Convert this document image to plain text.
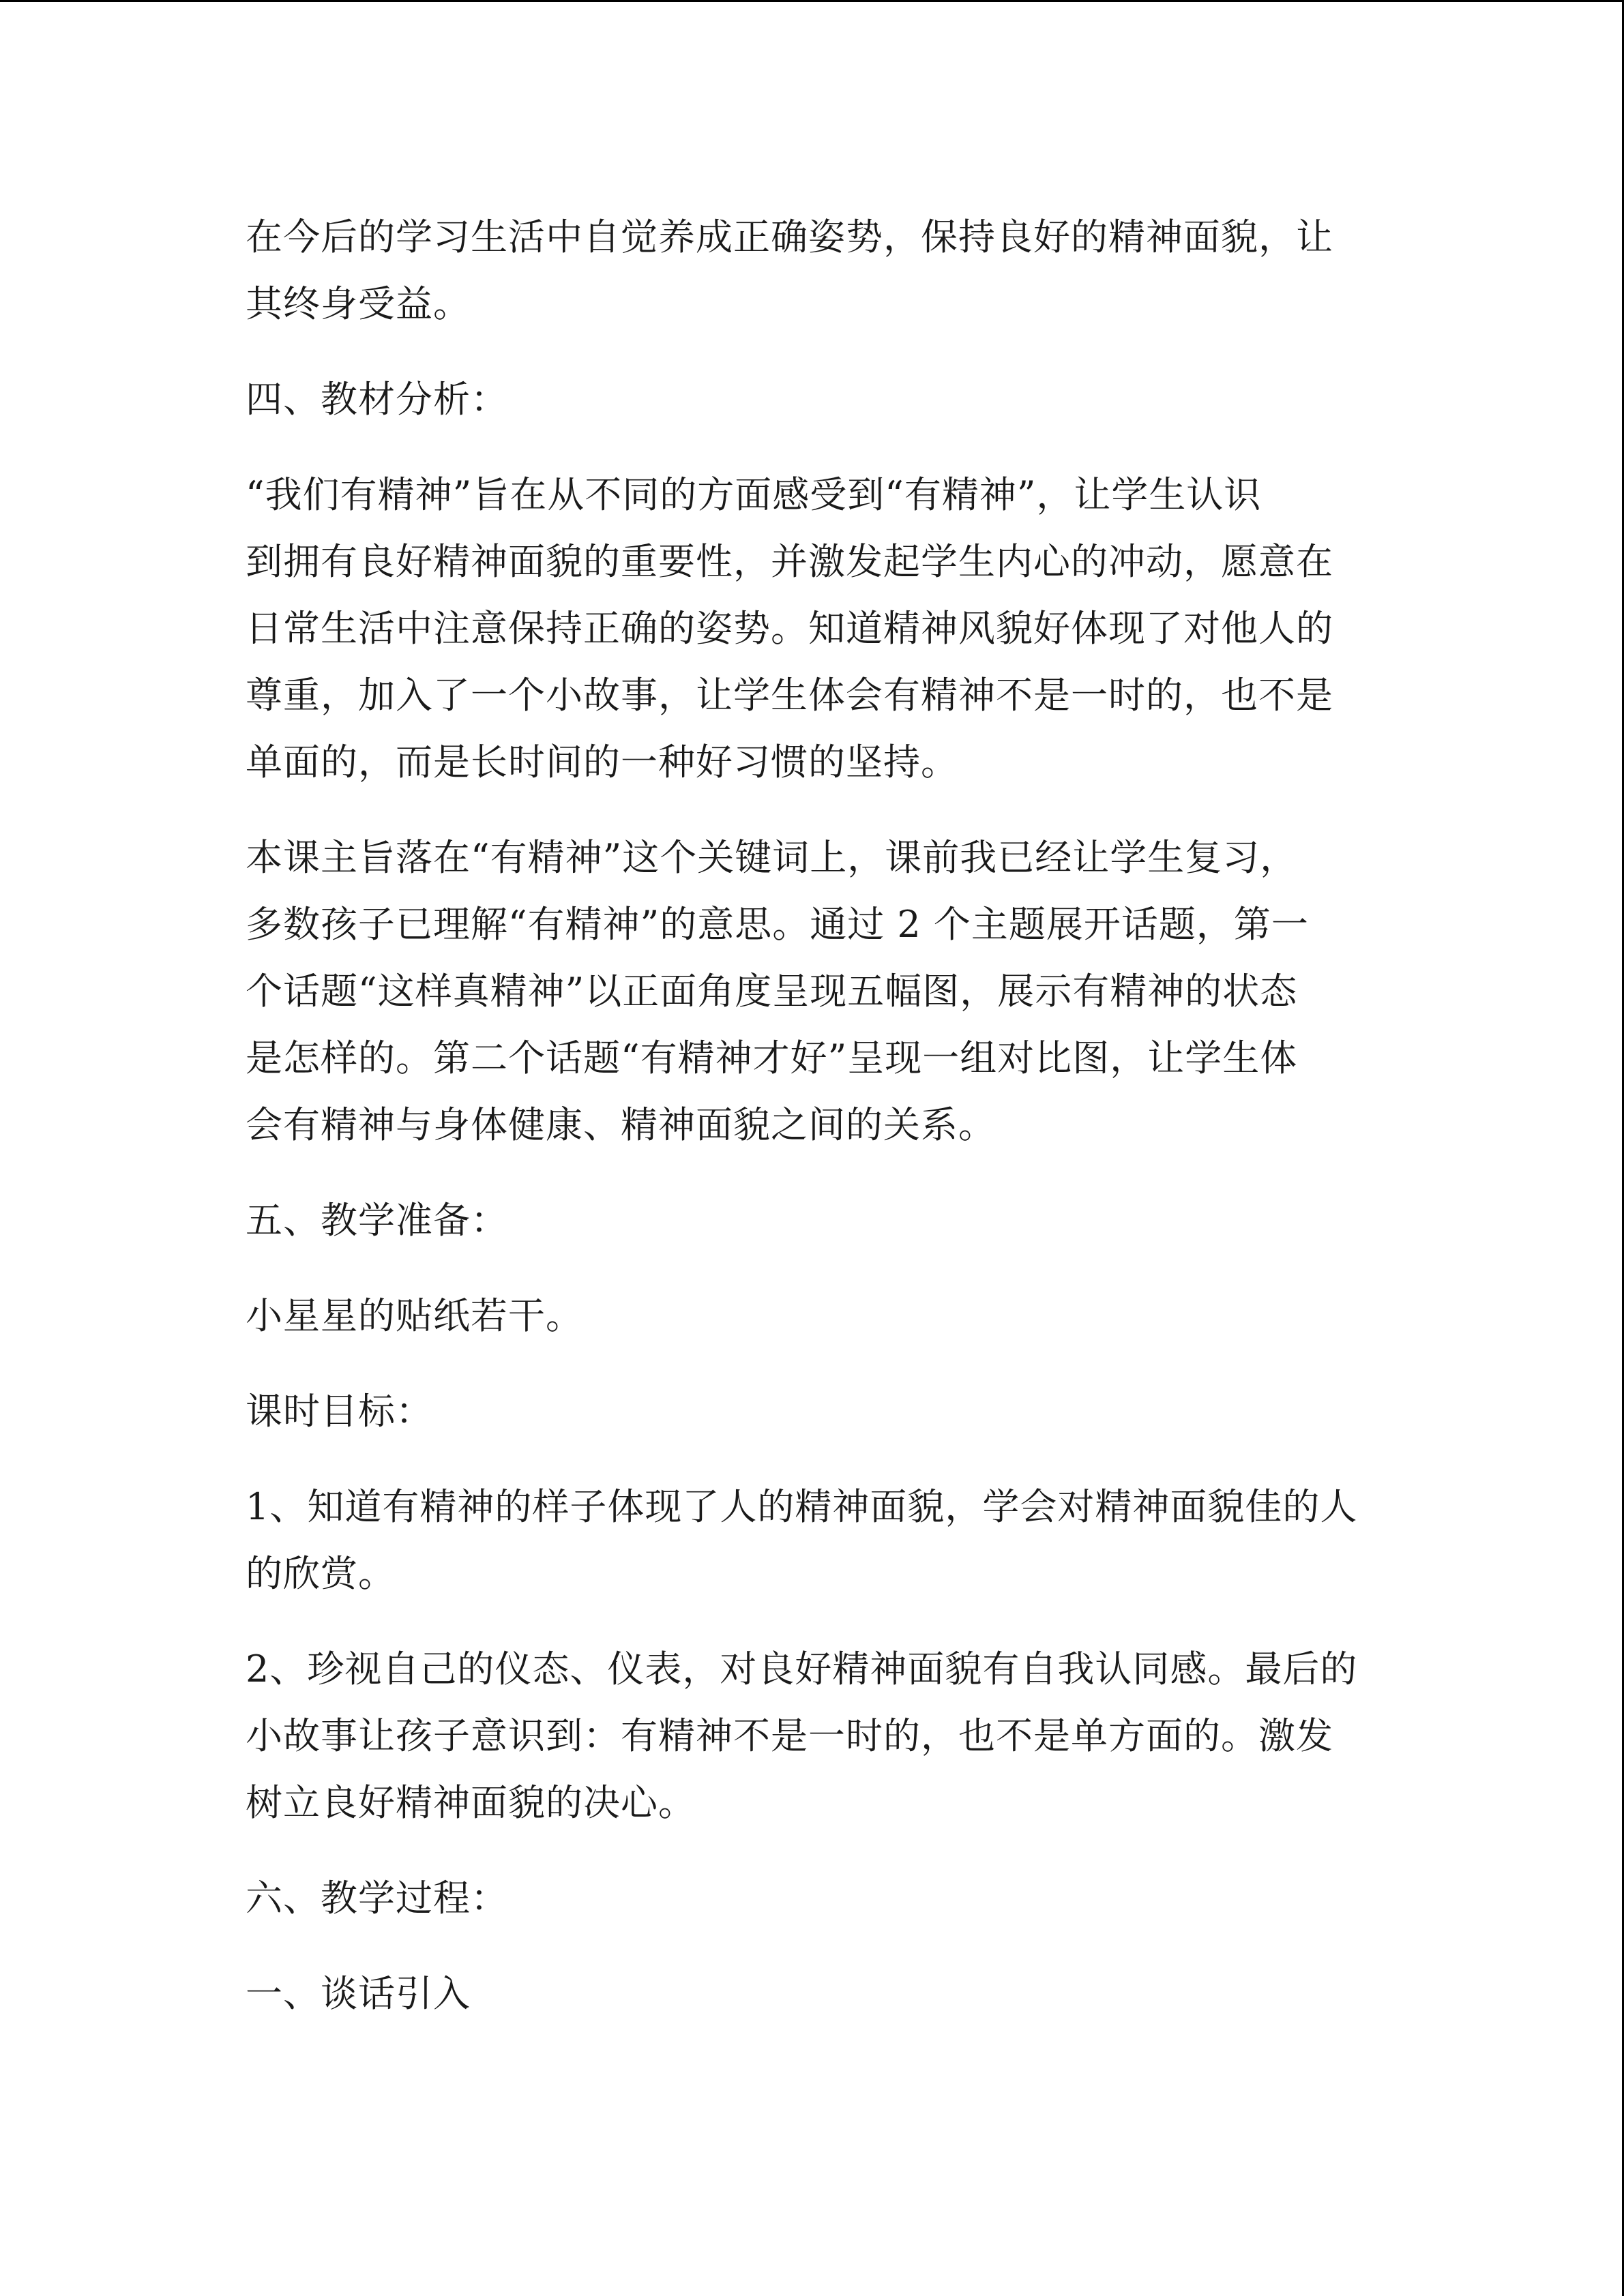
在今后的学习生活中自觉养成正确姿势，保持良好的精神面貌，让
其终身受益。

四、教材分析：

“我们有精神”旨在从不同的方面感受到“有精神”，让学生认识
到拥有良好精神面貌的重要性，并激发起学生内心的冲动，愿意在
日常生活中注意保持正确的姿势。知道精神风貌好体现了对他人的
尊重，加入了一个小故事，让学生体会有精神不是一时的，也不是
单面的，而是长时间的一种好习惯的坚持。

本课主旨落在“有精神”这个关键词上，课前我已经让学生复习，
多数孩子已理解“有精神”的意思。通过 2 个主题展开话题，第一
个话题“这样真精神”以正面角度呈现五幅图，展示有精神的状态
是怎样的。第二个话题“有精神才好”呈现一组对比图，让学生体
会有精神与身体健康、精神面貌之间的关系。

五、教学准备：

小星星的贴纸若干。

课时目标：

1、知道有精神的样子体现了人的精神面貌，学会对精神面貌佳的人
的欣赏。

2、珍视自己的仪态、仪表，对良好精神面貌有自我认同感。最后的
小故事让孩子意识到：有精神不是一时的，也不是单方面的。激发
树立良好精神面貌的决心。

六、教学过程：

一、谈话引入
